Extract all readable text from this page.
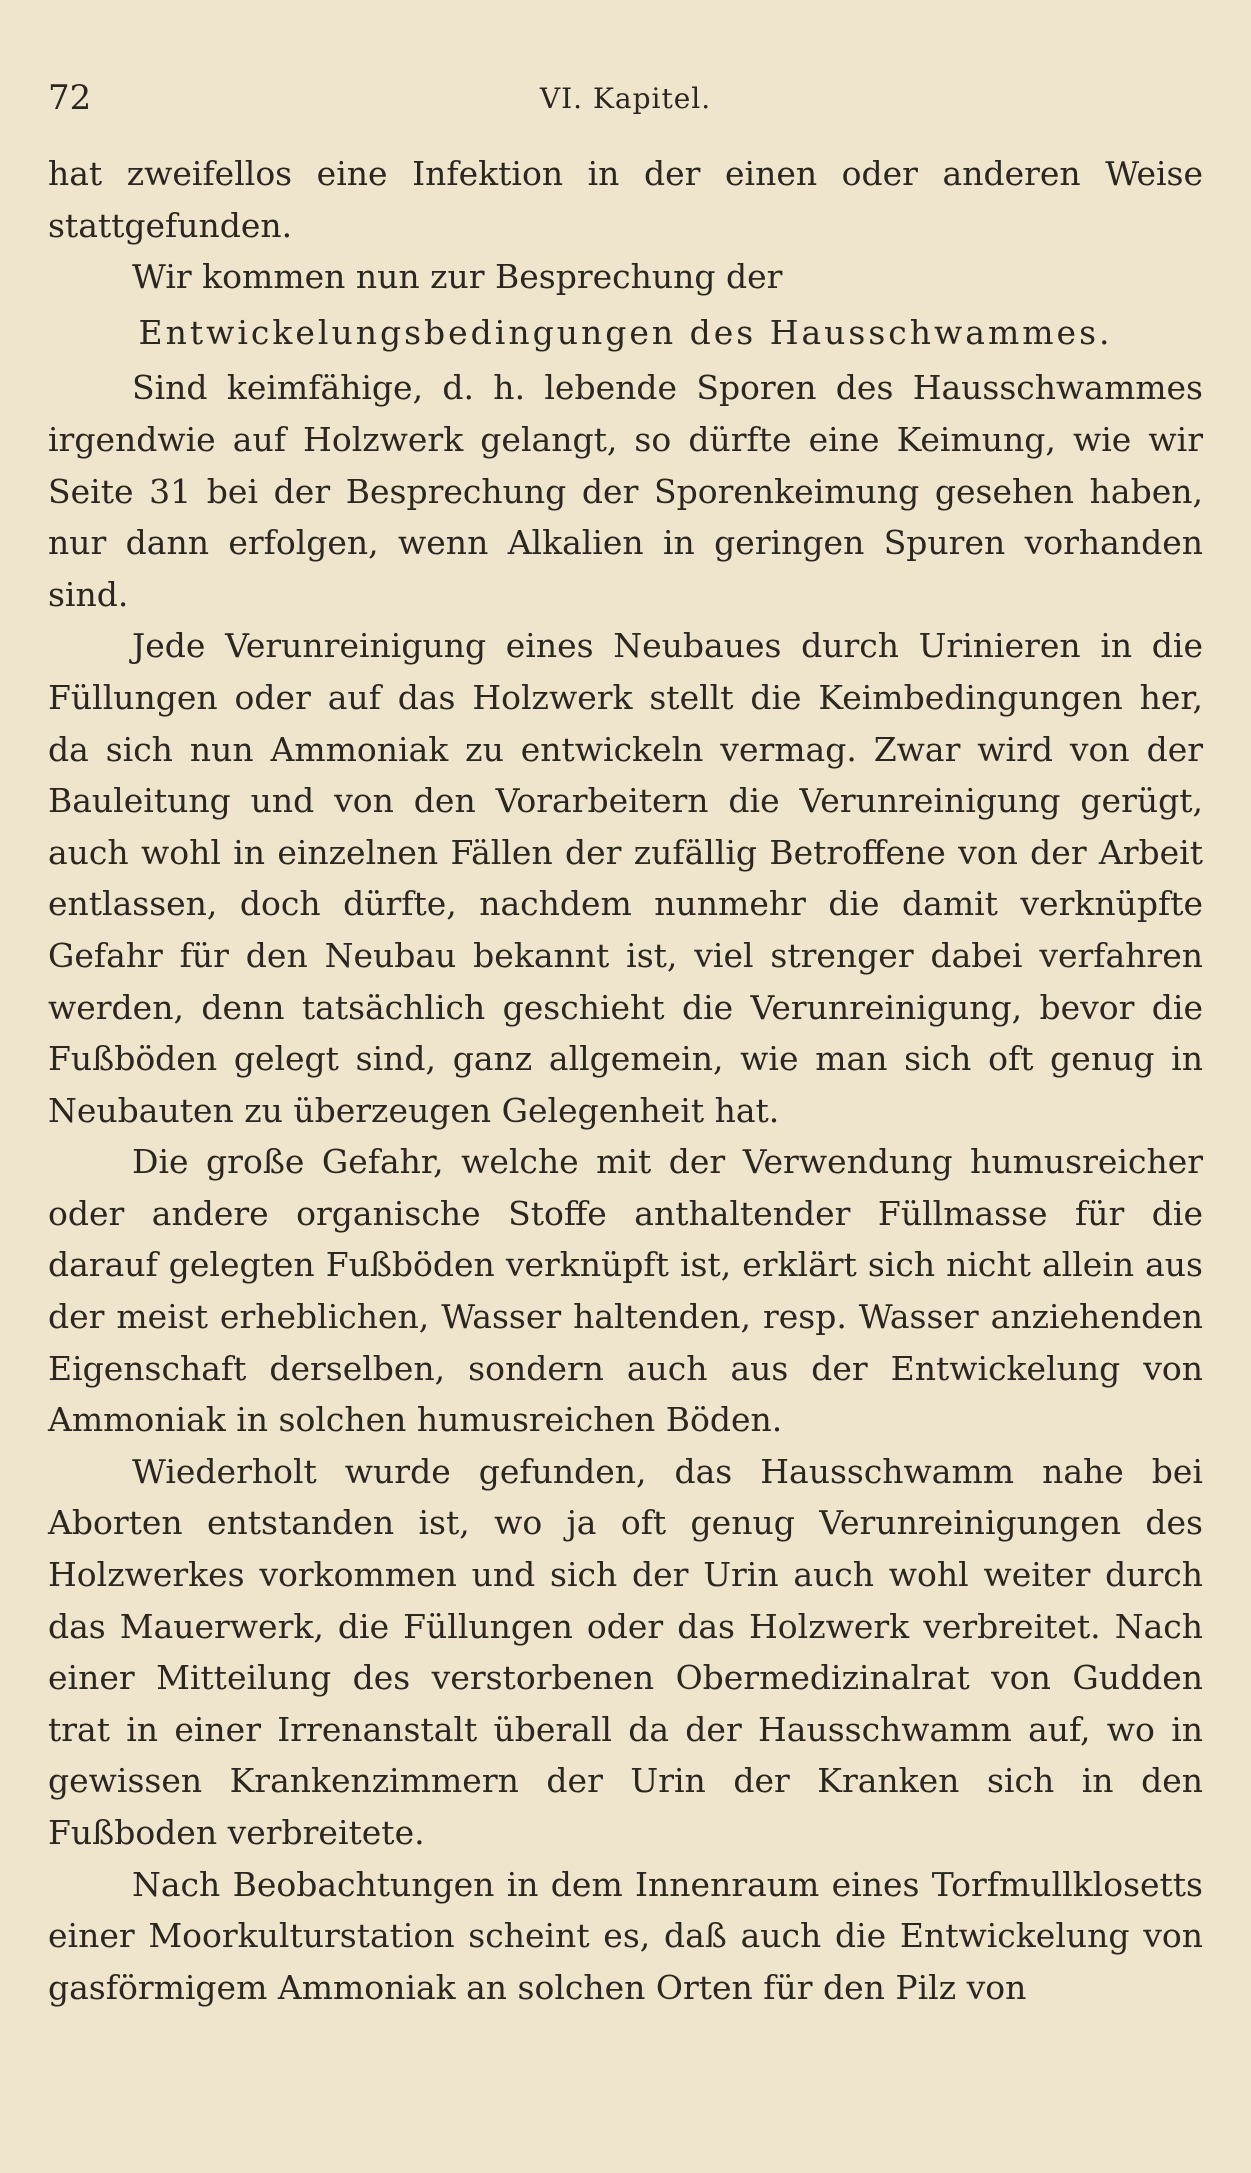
72	VI. Kapitel.

hat zweifellos eine Infektion in der einen oder anderen Weise stattgefunden.

Wir kommen nun zur Besprechung der

Entwickelungsbedingungen des Hausschwammes.

Sind keimfähige, d. h. lebende Sporen des Hausschwammes irgendwie auf Holzwerk gelangt, so dürfte eine Keimung, wie wir Seite 31 bei der Besprechung der Sporenkeimung gesehen haben, nur dann erfolgen, wenn Alkalien in geringen Spuren vorhanden sind.

Jede Verunreinigung eines Neubaues durch Urinieren in die Füllungen oder auf das Holzwerk stellt die Keimbedingungen her, da sich nun Ammoniak zu entwickeln vermag. Zwar wird von der Bauleitung und von den Vorarbeitern die Verunreinigung gerügt, auch wohl in einzelnen Fällen der zufällig Betroffene von der Arbeit entlassen, doch dürfte, nachdem nunmehr die damit verknüpfte Gefahr für den Neubau bekannt ist, viel strenger dabei verfahren werden, denn tatsächlich geschieht die Verunreinigung, bevor die Fußböden gelegt sind, ganz allgemein, wie man sich oft genug in Neubauten zu überzeugen Gelegenheit hat.

Die große Gefahr, welche mit der Verwendung humusreicher oder andere organische Stoffe anthaltender Füllmasse für die darauf gelegten Fußböden verknüpft ist, erklärt sich nicht allein aus der meist erheblichen, Wasser haltenden, resp. Wasser anziehenden Eigenschaft derselben, sondern auch aus der Entwickelung von Ammoniak in solchen humusreichen Böden.

Wiederholt wurde gefunden, das Hausschwamm nahe bei Aborten entstanden ist, wo ja oft genug Verunreinigungen des Holzwerkes vorkommen und sich der Urin auch wohl weiter durch das Mauerwerk, die Füllungen oder das Holzwerk verbreitet. Nach einer Mitteilung des verstorbenen Obermedizinalrat von Gudden trat in einer Irrenanstalt überall da der Hausschwamm auf, wo in gewissen Krankenzimmern der Urin der Kranken sich in den Fußboden verbreitete.

Nach Beobachtungen in dem Innenraum eines Torfmullklosetts einer Moorkulturstation scheint es, daß auch die Entwickelung von gasförmigem Ammoniak an solchen Orten für den Pilz von
